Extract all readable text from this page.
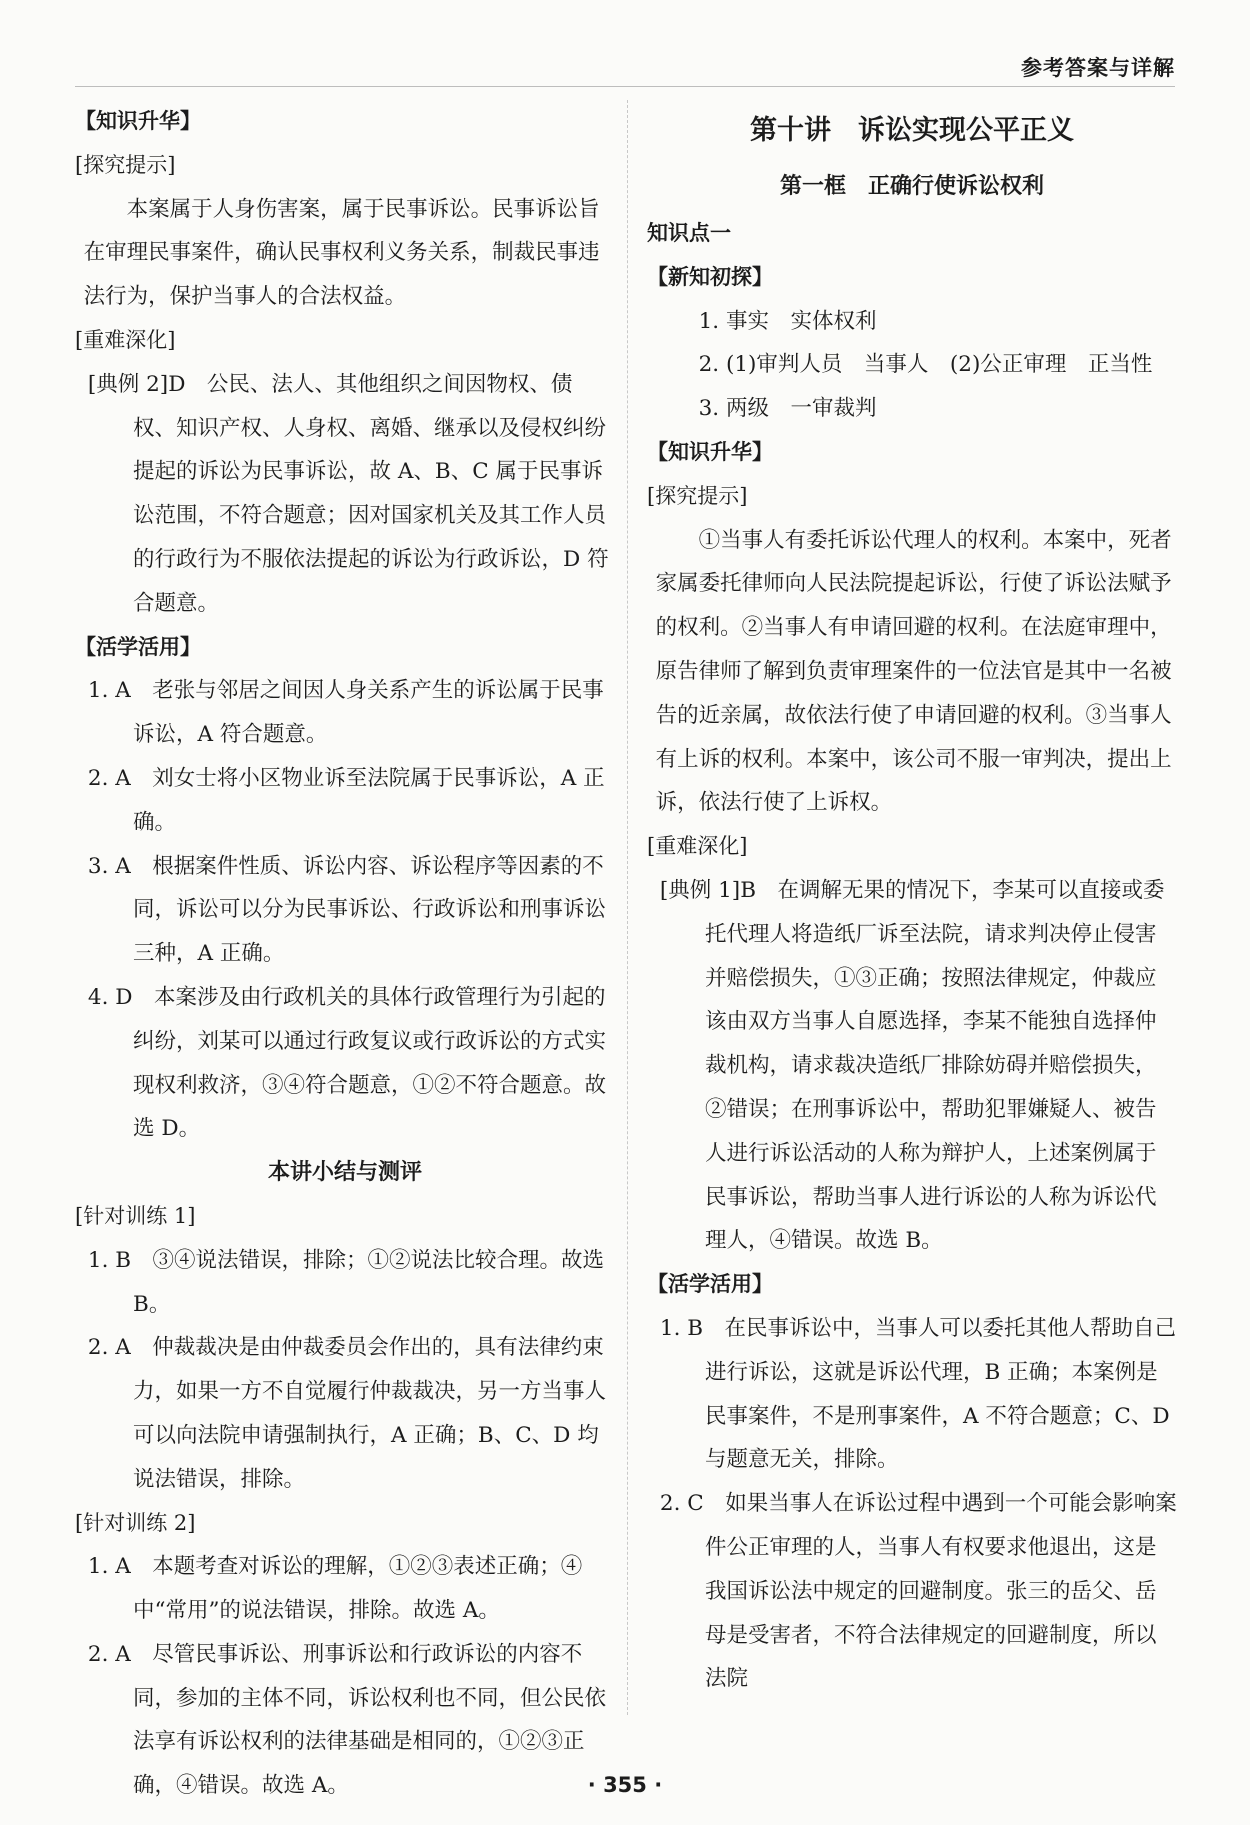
参考答案与详解
【知识升华】
[探究提示]
本案属于人身伤害案，属于民事诉讼。民事诉讼旨在审理民事案件，确认民事权利义务关系，制裁民事违法行为，保护当事人的合法权益。
[重难深化]
[典例 2]D　公民、法人、其他组织之间因物权、债权、知识产权、人身权、离婚、继承以及侵权纠纷提起的诉讼为民事诉讼，故 A、B、C 属于民事诉讼范围，不符合题意；因对国家机关及其工作人员的行政行为不服依法提起的诉讼为行政诉讼，D 符合题意。
【活学活用】
1. A　老张与邻居之间因人身关系产生的诉讼属于民事诉讼，A 符合题意。
2. A　刘女士将小区物业诉至法院属于民事诉讼，A 正确。
3. A　根据案件性质、诉讼内容、诉讼程序等因素的不同，诉讼可以分为民事诉讼、行政诉讼和刑事诉讼三种，A 正确。
4. D　本案涉及由行政机关的具体行政管理行为引起的纠纷，刘某可以通过行政复议或行政诉讼的方式实现权利救济，③④符合题意，①②不符合题意。故选 D。
本讲小结与测评
[针对训练 1]
1. B　③④说法错误，排除；①②说法比较合理。故选 B。
2. A　仲裁裁决是由仲裁委员会作出的，具有法律约束力，如果一方不自觉履行仲裁裁决，另一方当事人可以向法院申请强制执行，A 正确；B、C、D 均说法错误，排除。
[针对训练 2]
1. A　本题考查对诉讼的理解，①②③表述正确；④中“常用”的说法错误，排除。故选 A。
2. A　尽管民事诉讼、刑事诉讼和行政诉讼的内容不同，参加的主体不同，诉讼权利也不同，但公民依法享有诉讼权利的法律基础是相同的，①②③正确，④错误。故选 A。
第十讲　诉讼实现公平正义
第一框　正确行使诉讼权利
知识点一
【新知初探】
1. 事实　实体权利
2. (1)审判人员　当事人　(2)公正审理　正当性
3. 两级　一审裁判
【知识升华】
[探究提示]
①当事人有委托诉讼代理人的权利。本案中，死者家属委托律师向人民法院提起诉讼，行使了诉讼法赋予的权利。②当事人有申请回避的权利。在法庭审理中，原告律师了解到负责审理案件的一位法官是其中一名被告的近亲属，故依法行使了申请回避的权利。③当事人有上诉的权利。本案中，该公司不服一审判决，提出上诉，依法行使了上诉权。
[重难深化]
[典例 1]B　在调解无果的情况下，李某可以直接或委托代理人将造纸厂诉至法院，请求判决停止侵害并赔偿损失，①③正确；按照法律规定，仲裁应该由双方当事人自愿选择，李某不能独自选择仲裁机构，请求裁决造纸厂排除妨碍并赔偿损失，②错误；在刑事诉讼中，帮助犯罪嫌疑人、被告人进行诉讼活动的人称为辩护人，上述案例属于民事诉讼，帮助当事人进行诉讼的人称为诉讼代理人，④错误。故选 B。
【活学活用】
1. B　在民事诉讼中，当事人可以委托其他人帮助自己进行诉讼，这就是诉讼代理，B 正确；本案例是民事案件，不是刑事案件，A 不符合题意；C、D 与题意无关，排除。
2. C　如果当事人在诉讼过程中遇到一个可能会影响案件公正审理的人，当事人有权要求他退出，这是我国诉讼法中规定的回避制度。张三的岳父、岳母是受害者，不符合法律规定的回避制度，所以法院
· 355 ·
